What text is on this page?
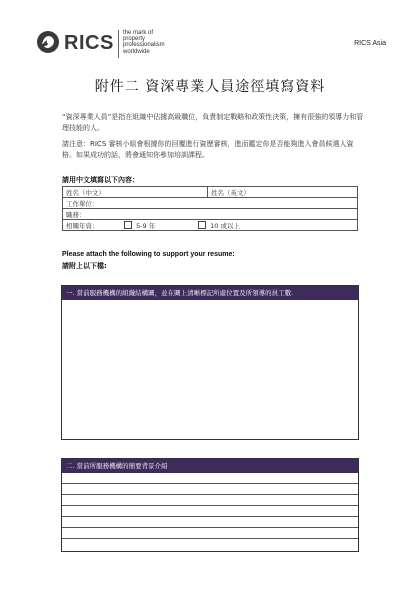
RICS the mark of
property
professionalism
worldwide
RICS Asia
附件二 資深專業人員途徑填寫資料
“資深專業人員”是指在組織中佔據高級職位，負責制定戰略和政策性決策，擁有很強的領導力和管理技能的人。
請注意：RICS 審核小組會根據你的回覆進行資歷審核，進而鑑定你是否能夠進入會員候選人資格。如果成功的話，將會通知你參加培訓課程。
請用中文填寫以下內容：
姓名（中文）	姓名（英文）
工作單位：
職務：
相關年資：	5-9 年	10 或以上
Please attach the following to support your resume:
請附上以下檔:
一. 當前服務機構的組織結構圖，並在圖上清晰標記所處位置及所領導的員工數.
二. 當前所服務機構的簡要背景介紹
